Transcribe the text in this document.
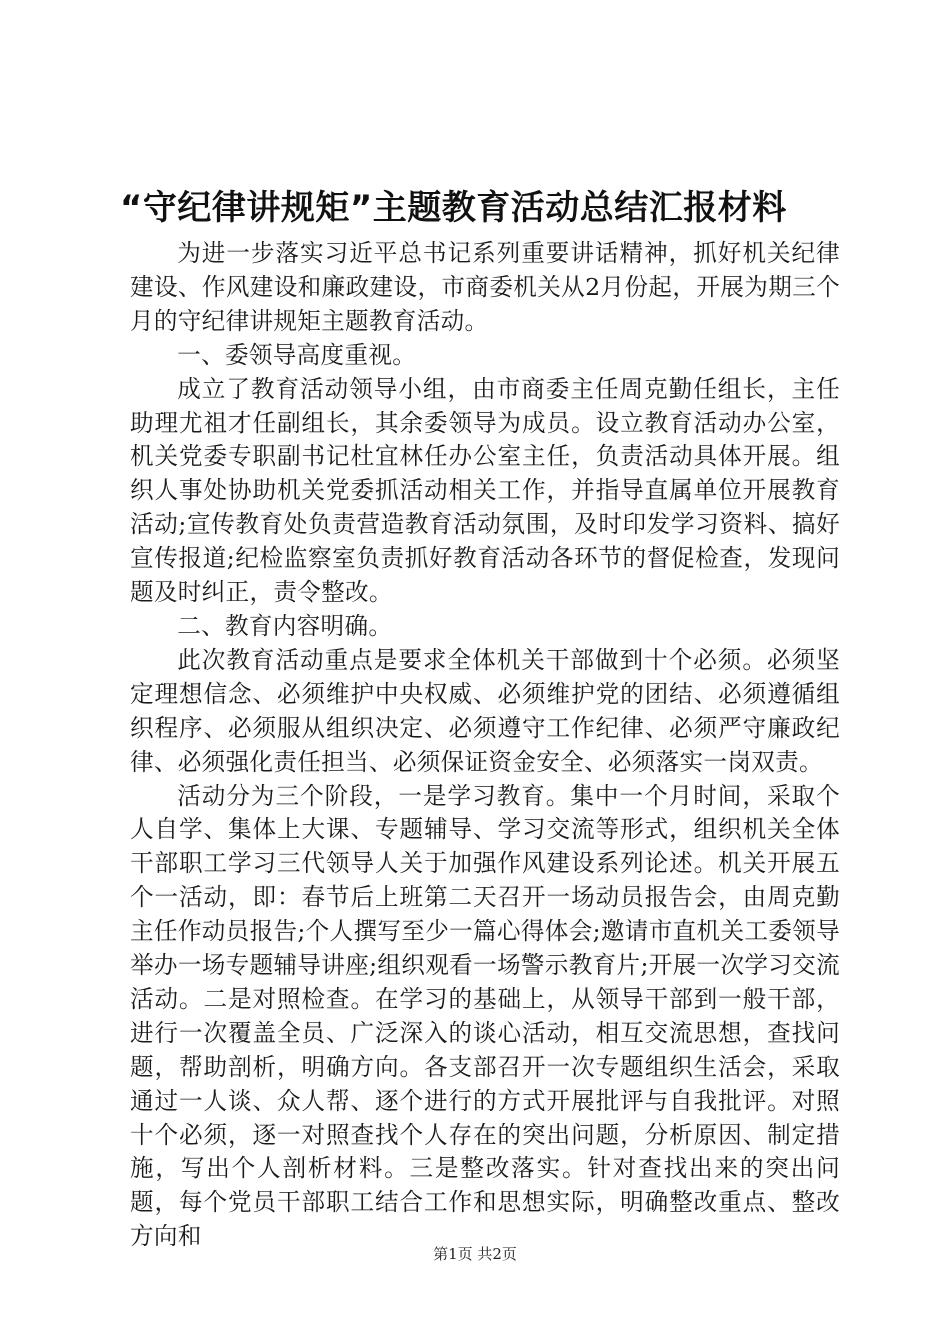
“守纪律讲规矩”主题教育活动总结汇报材料

为进一步落实习近平总书记系列重要讲话精神，抓好机关纪律建设、作风建设和廉政建设，市商委机关从2月份起，开展为期三个月的守纪律讲规矩主题教育活动。

一、委领导高度重视。

成立了教育活动领导小组，由市商委主任周克勤任组长，主任助理尤祖才任副组长，其余委领导为成员。设立教育活动办公室，机关党委专职副书记杜宜林任办公室主任，负责活动具体开展。组织人事处协助机关党委抓活动相关工作，并指导直属单位开展教育活动;宣传教育处负责营造教育活动氛围，及时印发学习资料、搞好宣传报道;纪检监察室负责抓好教育活动各环节的督促检查，发现问题及时纠正，责令整改。

二、教育内容明确。

此次教育活动重点是要求全体机关干部做到十个必须。必须坚定理想信念、必须维护中央权威、必须维护党的团结、必须遵循组织程序、必须服从组织决定、必须遵守工作纪律、必须严守廉政纪律、必须强化责任担当、必须保证资金安全、必须落实一岗双责。

活动分为三个阶段，一是学习教育。集中一个月时间，采取个人自学、集体上大课、专题辅导、学习交流等形式，组织机关全体干部职工学习三代领导人关于加强作风建设系列论述。机关开展五个一活动，即：春节后上班第二天召开一场动员报告会，由周克勤主任作动员报告;个人撰写至少一篇心得体会;邀请市直机关工委领导举办一场专题辅导讲座;组织观看一场警示教育片;开展一次学习交流活动。二是对照检查。在学习的基础上，从领导干部到一般干部，进行一次覆盖全员、广泛深入的谈心活动，相互交流思想，查找问题，帮助剖析，明确方向。各支部召开一次专题组织生活会，采取通过一人谈、众人帮、逐个进行的方式开展批评与自我批评。对照十个必须，逐一对照查找个人存在的突出问题，分析原因、制定措施，写出个人剖析材料。三是整改落实。针对查找出来的突出问题，每个党员干部职工结合工作和思想实际，明确整改重点、整改方向和

第1页 共2页
